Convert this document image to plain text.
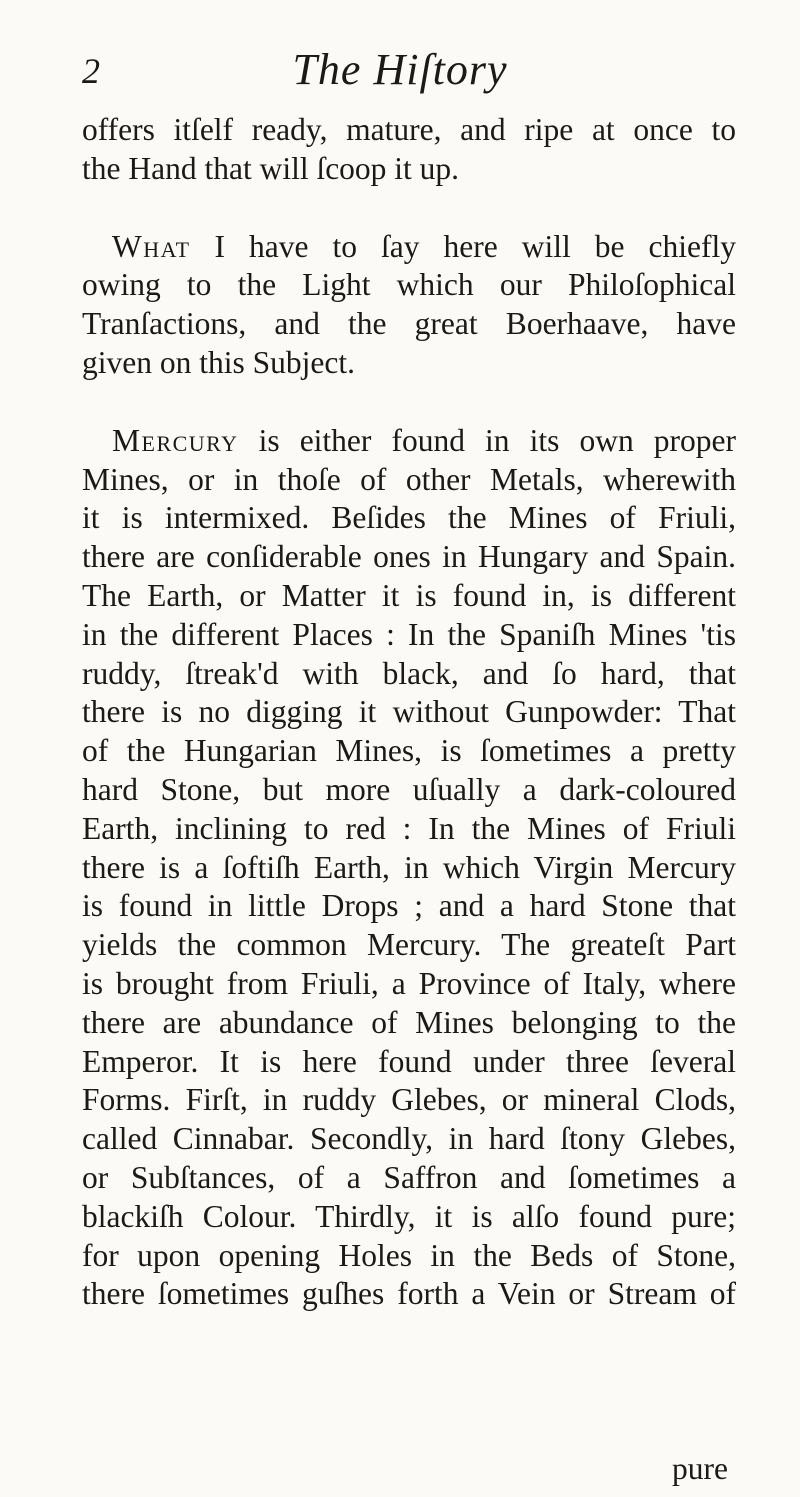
2	The Hiſtory
offers itſelf ready, mature, and ripe at once to
the Hand that will ſcoop it up.
What I have to ſay here will be chiefly
owing to the Light which our Philoſophical
Tranſactions, and the great Boerhaave, have
given on this Subject.
Mercury is either found in its own proper
Mines, or in thoſe of other Metals, wherewith
it is intermixed. Beſides the Mines of Friuli,
there are conſiderable ones in Hungary and Spain.
The Earth, or Matter it is found in, is different
in the different Places : In the Spaniſh Mines 'tis
ruddy, ſtreak'd with black, and ſo hard, that
there is no digging it without Gunpowder: That
of the Hungarian Mines, is ſometimes a pretty
hard Stone, but more uſually a dark-coloured
Earth, inclining to red : In the Mines of Friuli
there is a ſoftiſh Earth, in which Virgin Mercury
is found in little Drops ; and a hard Stone that
yields the common Mercury. The greateſt Part
is brought from Friuli, a Province of Italy, where
there are abundance of Mines belonging to the
Emperor. It is here found under three ſeveral
Forms. Firſt, in ruddy Glebes, or mineral Clods,
called Cinnabar. Secondly, in hard ſtony Glebes,
or Subſtances, of a Saffron and ſometimes a
blackiſh Colour. Thirdly, it is alſo found pure;
for upon opening Holes in the Beds of Stone,
there ſometimes guſhes forth a Vein or Stream of
pure
